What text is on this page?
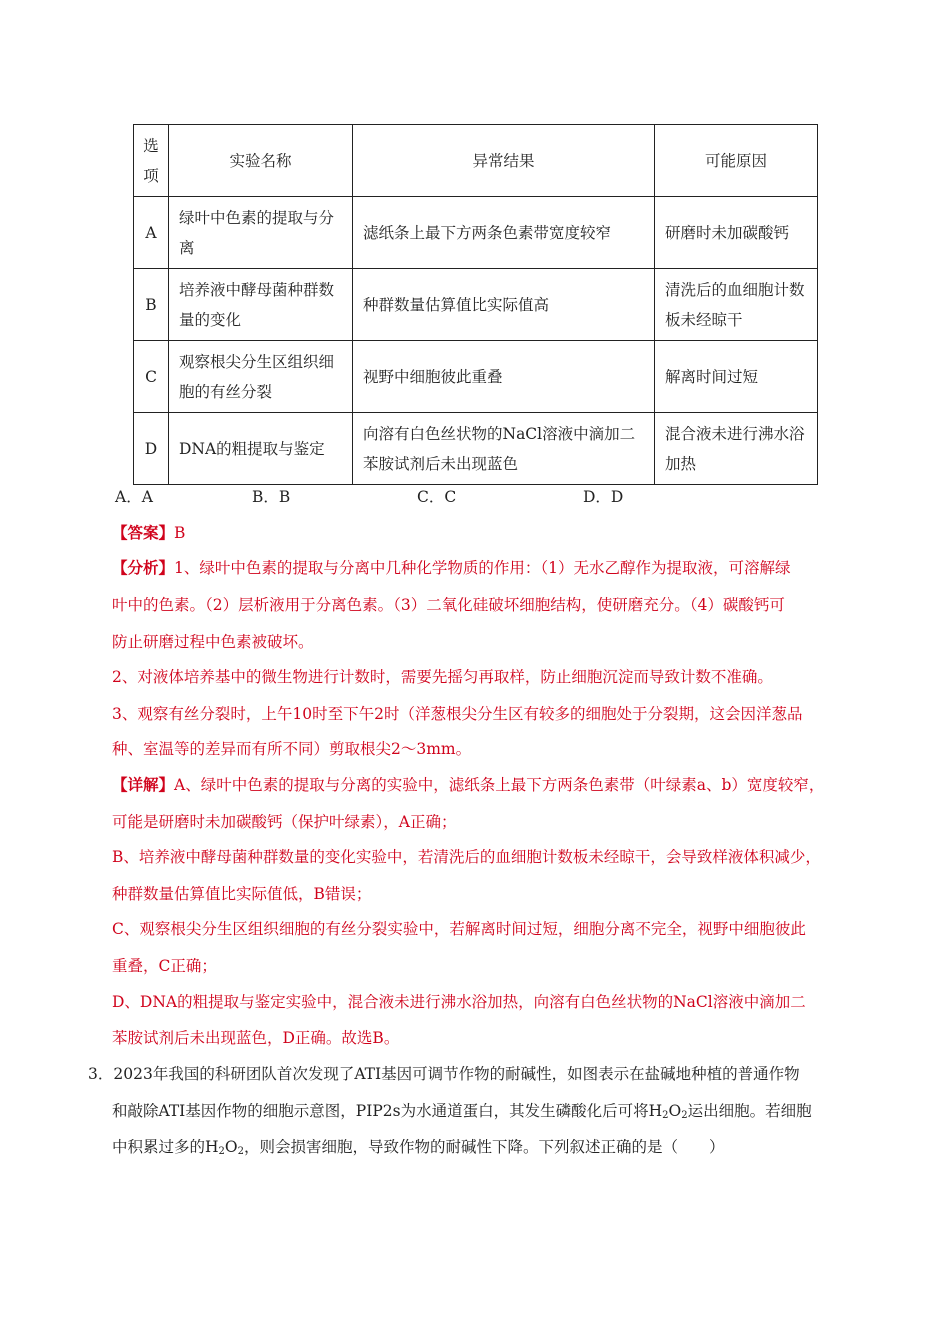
选项	实验名称	异常结果	可能原因
A	绿叶中色素的提取与分离	滤纸条上最下方两条色素带宽度较窄	研磨时未加碳酸钙
B	培养液中酵母菌种群数量的变化	种群数量估算值比实际值高	清洗后的血细胞计数板未经晾干
C	观察根尖分生区组织细胞的有丝分裂	视野中细胞彼此重叠	解离时间过短
D	DNA的粗提取与鉴定	向溶有白色丝状物的NaCl溶液中滴加二苯胺试剂后未出现蓝色	混合液未进行沸水浴加热
A．A	B．B	C．C	D．D
【答案】B
【分析】1、绿叶中色素的提取与分离中几种化学物质的作用：（1）无水乙醇作为提取液，可溶解绿
叶中的色素。（2）层析液用于分离色素。（3）二氧化硅破坏细胞结构，使研磨充分。（4）碳酸钙可
防止研磨过程中色素被破坏。
2、对液体培养基中的微生物进行计数时，需要先摇匀再取样，防止细胞沉淀而导致计数不准确。
3、观察有丝分裂时，上午10时至下午2时（洋葱根尖分生区有较多的细胞处于分裂期，这会因洋葱品
种、室温等的差异而有所不同）剪取根尖2～3mm。
【详解】A、绿叶中色素的提取与分离的实验中，滤纸条上最下方两条色素带（叶绿素a、b）宽度较窄，
可能是研磨时未加碳酸钙（保护叶绿素），A正确；
B、培养液中酵母菌种群数量的变化实验中，若清洗后的血细胞计数板未经晾干，会导致样液体积减少，
种群数量估算值比实际值低，B错误；
C、观察根尖分生区组织细胞的有丝分裂实验中，若解离时间过短，细胞分离不完全，视野中细胞彼此
重叠，C正确；
D、DNA的粗提取与鉴定实验中，混合液未进行沸水浴加热，向溶有白色丝状物的NaCl溶液中滴加二
苯胺试剂后未出现蓝色，D正确。故选B。
3．2023年我国的科研团队首次发现了ATI基因可调节作物的耐碱性，如图表示在盐碱地种植的普通作物
和敲除ATI基因作物的细胞示意图，PIP2s为水通道蛋白，其发生磷酸化后可将$H_2O_2$运出细胞。若细胞
中积累过多的$H_2O_2$，则会损害细胞，导致作物的耐碱性下降。下列叙述正确的是（　　）
